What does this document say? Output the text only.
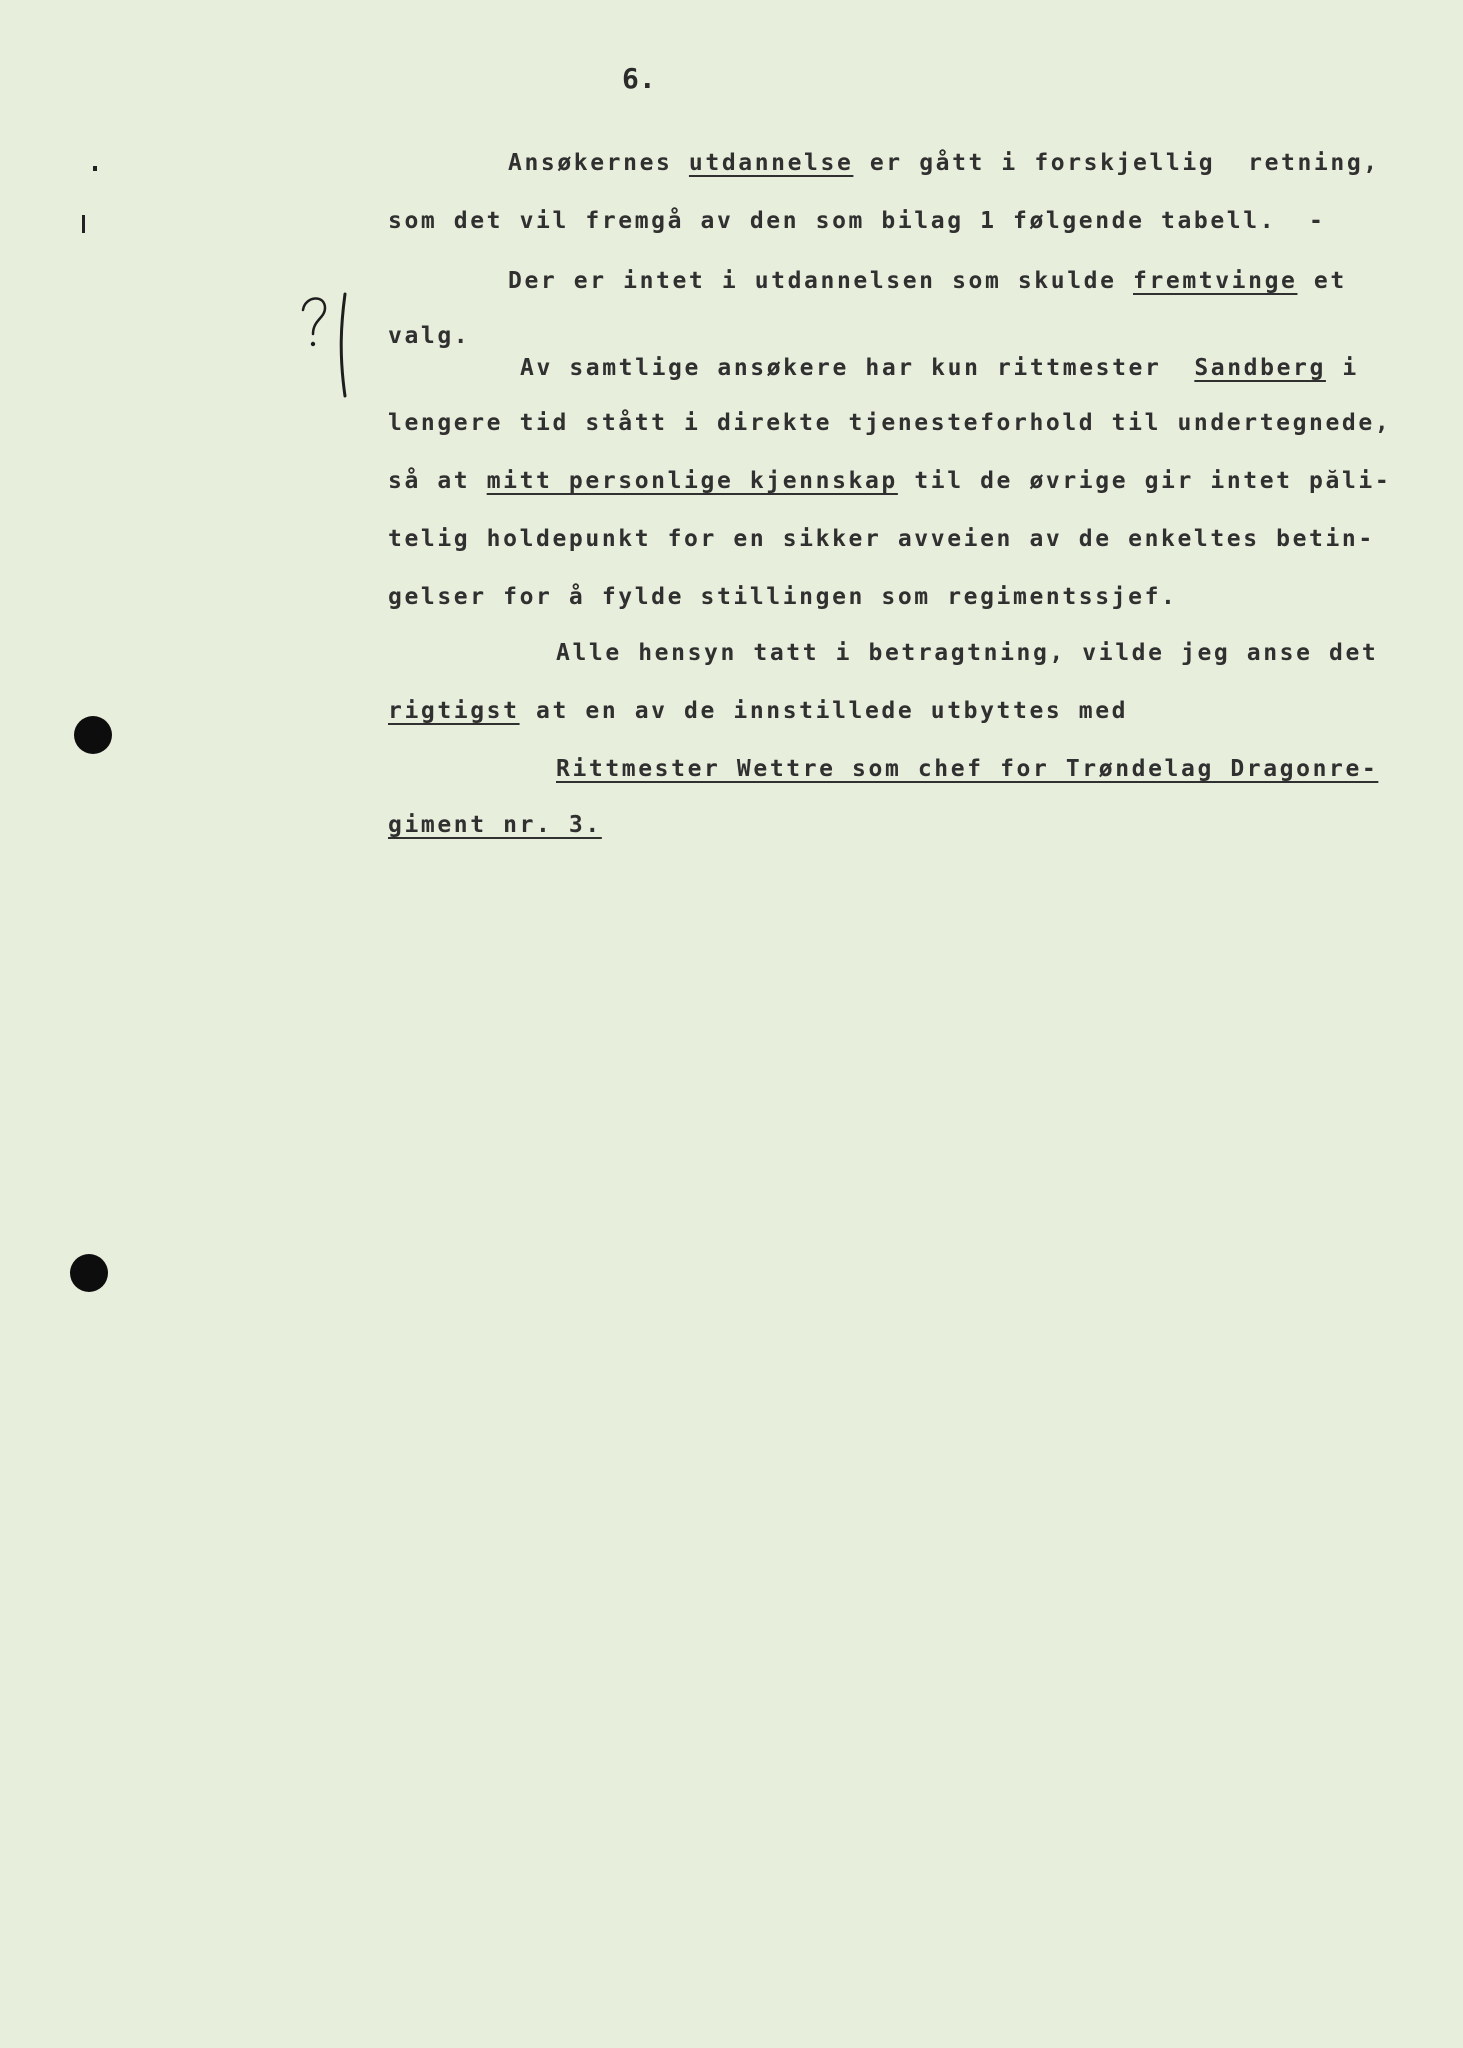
6.
Ansøkernes utdannelse er gått i forskjellig  retning,
som det vil fremgå av den som bilag 1 følgende tabell.  -
Der er intet i utdannelsen som skulde fremtvinge et
valg.
Av samtlige ansøkere har kun rittmester  Sandberg i
lengere tid stått i direkte tjenesteforhold til undertegnede,
så at mitt personlige kjennskap til de øvrige gir intet păli-
telig holdepunkt for en sikker avveien av de enkeltes betin-
gelser for å fylde stillingen som regimentssjef.
Alle hensyn tatt i betragtning, vilde jeg anse det
rigtigst at en av de innstillede utbyttes med
Rittmester Wettre som chef for Trøndelag Dragonre-
giment nr. 3.
